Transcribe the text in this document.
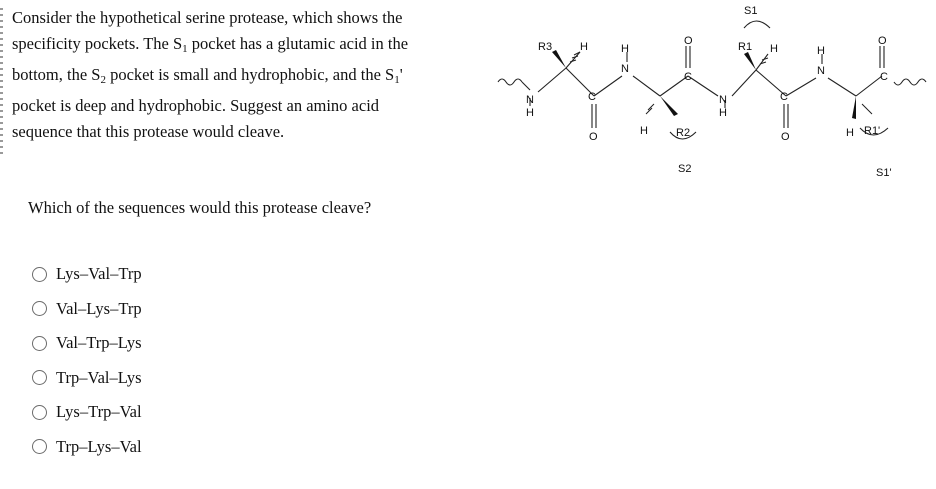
Consider the hypothetical serine protease, which shows the
specificity pockets. The $S_1$ pocket has a glutamic acid in the
bottom, the $S_2$ pocket is small and hydrophobic, and the $S_1'$
pocket is deep and hydrophobic. Suggest an amino acid
sequence that this protease would cleave.
N
H
C
O
N
H
C
O
N
H
C
O
N
H
C
O
H	H
H	H
R3
R2
R1
R1'
S1
S2	S1'
Which of the sequences would this protease cleave?
Lys–Val–Trp
Val–Lys–Trp
Val–Trp–Lys
Trp–Val–Lys
Lys–Trp–Val
Trp–Lys–Val
